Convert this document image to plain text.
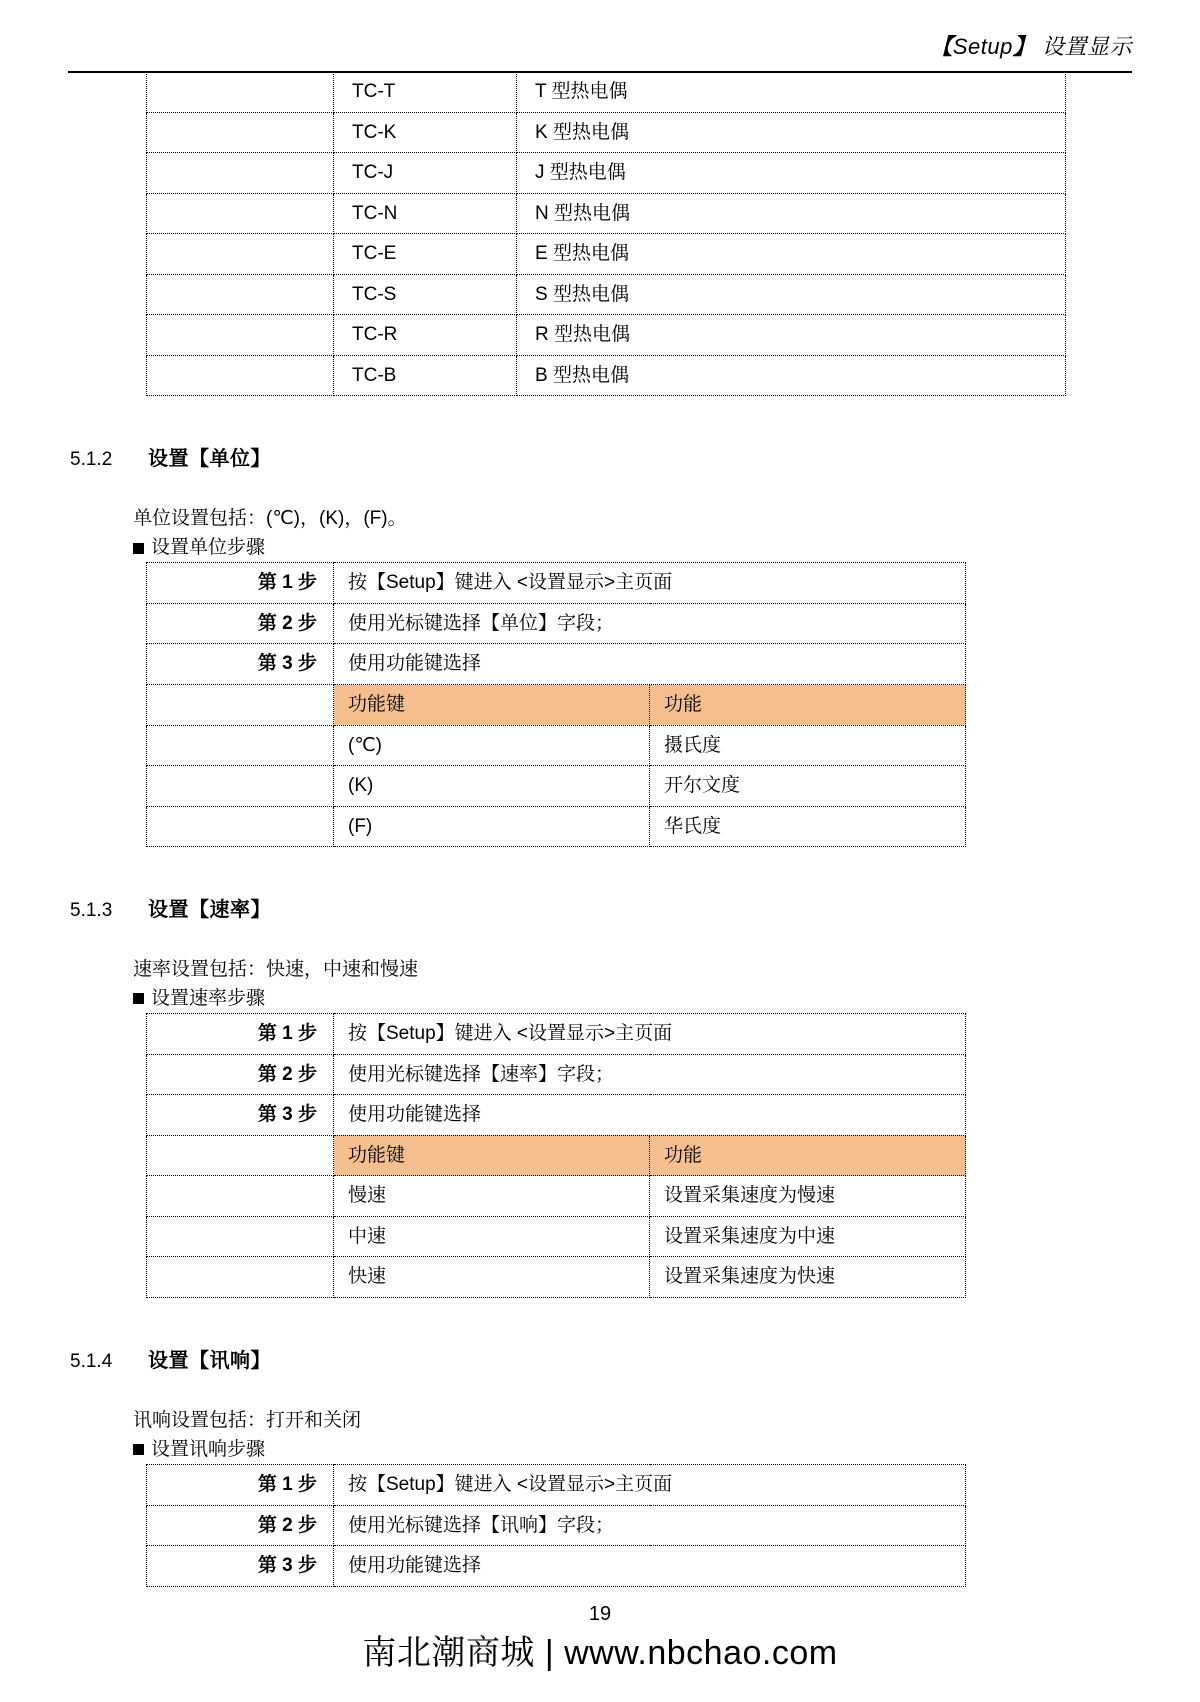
【Setup】 设置显示
	TC-T	T 型热电偶
	TC-K	K 型热电偶
	TC-J	J 型热电偶
	TC-N	N 型热电偶
	TC-E	E 型热电偶
	TC-S	S 型热电偶
	TC-R	R 型热电偶
	TC-B	B 型热电偶
5.1.2	设置【单位】
单位设置包括：(℃)，(K)，(F)。
设置单位步骤
第 1 步	按【Setup】键进入 <设置显示>主页面	
第 2 步	使用光标键选择【单位】字段；	
第 3 步	使用功能键选择	
	功能键	功能
	(℃)	摄氏度
	(K)	开尔文度
	(F)	华氏度
5.1.3	设置【速率】
速率设置包括：快速，中速和慢速
设置速率步骤
第 1 步	按【Setup】键进入 <设置显示>主页面	
第 2 步	使用光标键选择【速率】字段；	
第 3 步	使用功能键选择	
	功能键	功能
	慢速	设置采集速度为慢速
	中速	设置采集速度为中速
	快速	设置采集速度为快速
5.1.4	设置【讯响】
讯响设置包括：打开和关闭
设置讯响步骤
第 1 步	按【Setup】键进入 <设置显示>主页面
第 2 步	使用光标键选择【讯响】字段；
第 3 步	使用功能键选择
19
南北潮商城 | www.nbchao.com
